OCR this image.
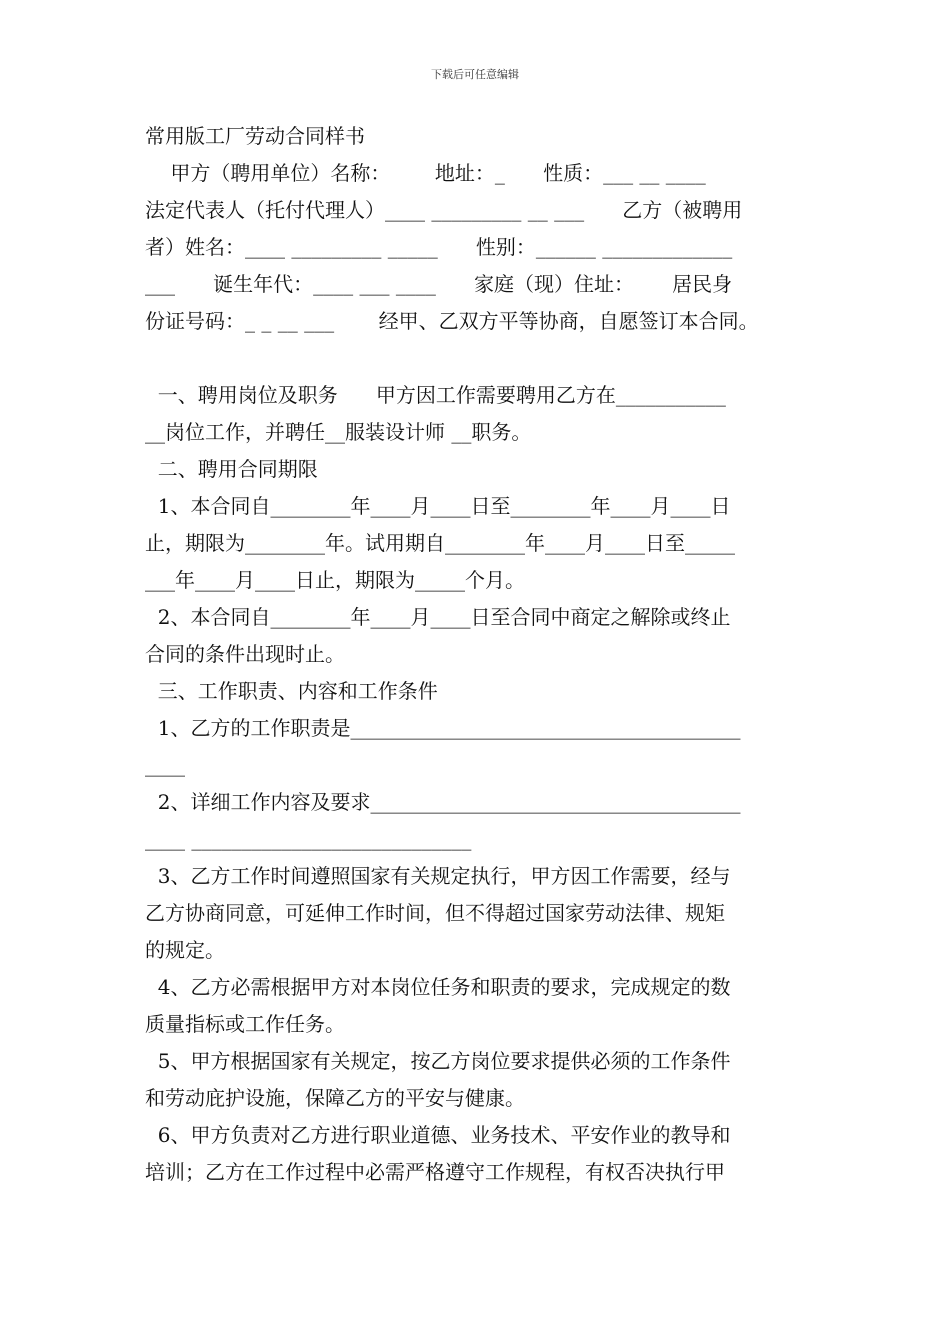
下载后可任意编辑
常用版工厂劳动合同样书
甲方（聘用单位）名称：       地址：_      性质：___ __ ____
法定代表人（托付代理人）____ _________ __ ___      乙方（被聘用
者）姓名：____ _________ _____      性别：______ _____________
___      诞生年代：____ ___ ____      家庭（现）住址：      居民身
份证号码：_ _ __ ___       经甲、乙双方平等协商，自愿签订本合同。
一、聘用岗位及职务      甲方因工作需要聘用乙方在___________
__岗位工作，并聘任__服装设计师 __职务。
二、聘用合同期限
1、本合同自________年____月____日至________年____月____日
止，期限为________年。试用期自________年____月____日至_____
___年____月____日止，期限为_____个月。
2、本合同自________年____月____日至合同中商定之解除或终止
合同的条件出现时止。
三、工作职责、内容和工作条件
1、乙方的工作职责是_______________________________________
____
2、详细工作内容及要求_____________________________________
____ ____________________________
3、乙方工作时间遵照国家有关规定执行，甲方因工作需要，经与
乙方协商同意，可延伸工作时间，但不得超过国家劳动法律、规矩
的规定。
4、乙方必需根据甲方对本岗位任务和职责的要求，完成规定的数
质量指标或工作任务。
5、甲方根据国家有关规定，按乙方岗位要求提供必须的工作条件
和劳动庇护设施，保障乙方的平安与健康。
6、甲方负责对乙方进行职业道德、业务技术、平安作业的教导和
培训；乙方在工作过程中必需严格遵守工作规程，有权否决执行甲
